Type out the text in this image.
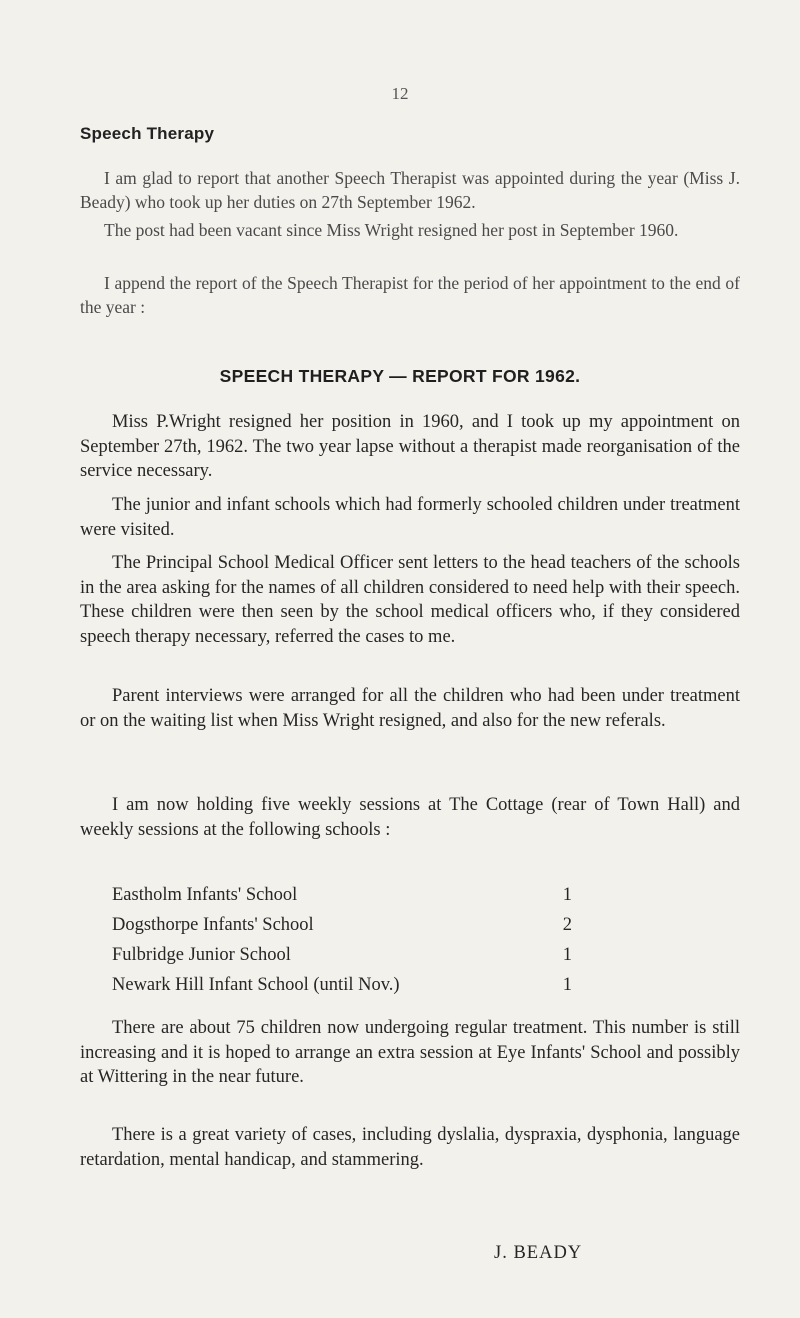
12
Speech Therapy

I am glad to report that another Speech Therapist was appointed during the year (Miss J. Beady) who took up her duties on 27th September 1962.

The post had been vacant since Miss Wright resigned her post in September 1960.

I append the report of the Speech Therapist for the period of her appointment to the end of the year :

SPEECH THERAPY — REPORT FOR 1962.

Miss P.Wright resigned her position in 1960, and I took up my appointment on September 27th, 1962. The two year lapse without a therapist made reorganisation of the service necessary.

The junior and infant schools which had formerly schooled children under treatment were visited.

The Principal School Medical Officer sent letters to the head teachers of the schools in the area asking for the names of all children considered to need help with their speech. These children were then seen by the school medical officers who, if they considered speech therapy necessary, referred the cases to me.

Parent interviews were arranged for all the children who had been under treatment or on the waiting list when Miss Wright resigned, and also for the new referals.

I am now holding five weekly sessions at The Cottage (rear of Town Hall) and weekly sessions at the following schools :

Eastholm Infants' School	1
Dogsthorpe Infants' School	2
Fulbridge Junior School	1
Newark Hill Infant School (until Nov.)	1

There are about 75 children now undergoing regular treatment. This number is still increasing and it is hoped to arrange an extra session at Eye Infants' School and possibly at Wittering in the near future.

There is a great variety of cases, including dyslalia, dyspraxia, dysphonia, language retardation, mental handicap, and stammering.

J. BEADY
